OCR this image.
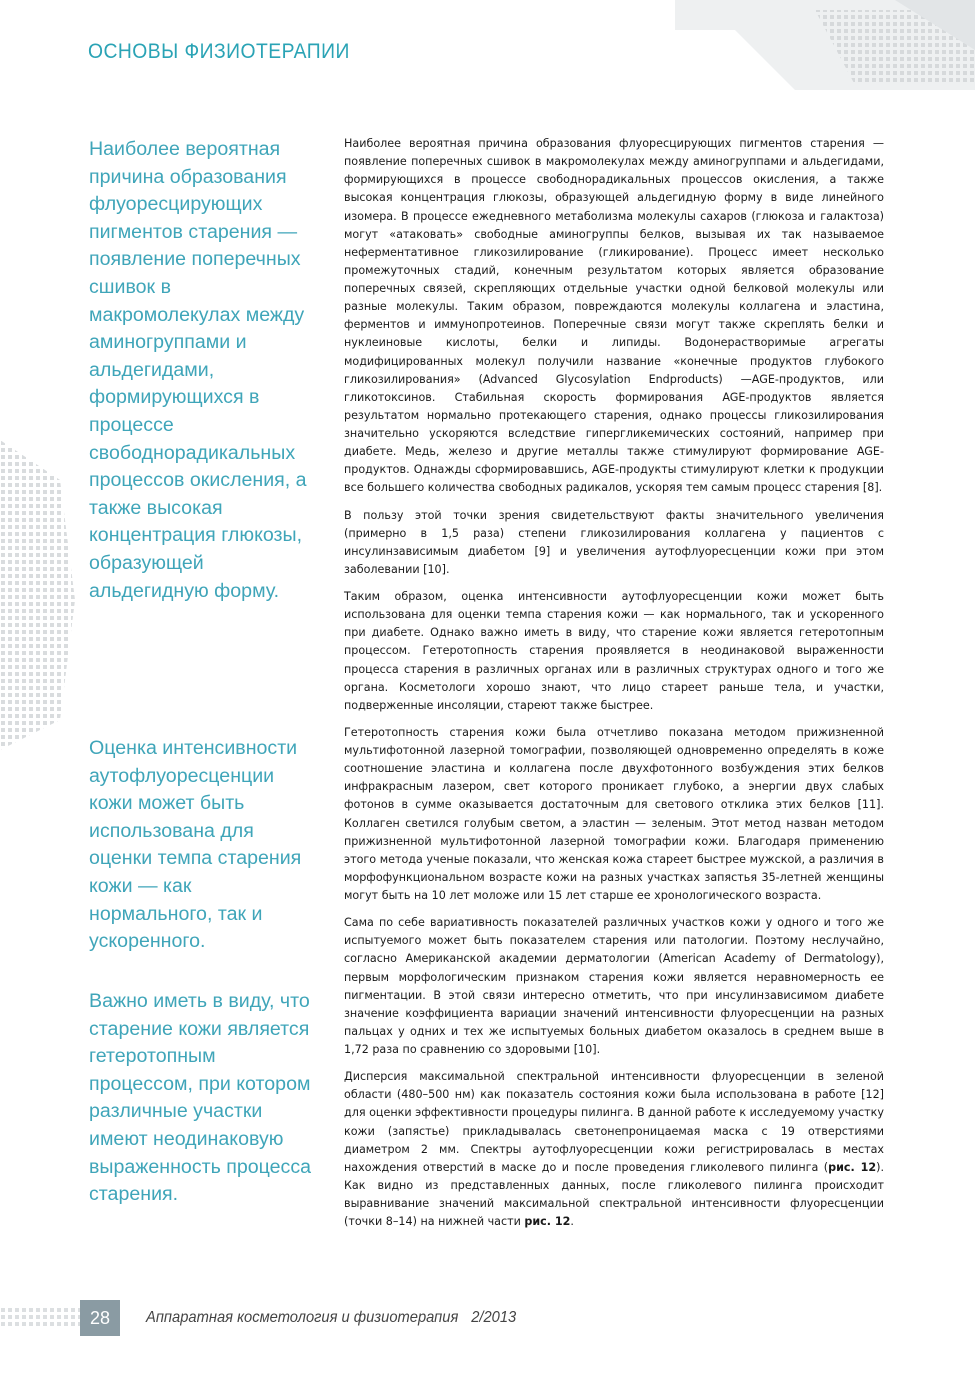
ОСНОВЫ ФИЗИОТЕРАПИИ

Наиболее вероятная причина образования флуоресцирующих пигментов старения — появление поперечных сшивок в макромолекулах между аминогруппами и альдегидами, формирующихся в процессе свободнорадикальных процессов окисления, а также высокая концентрация глюкозы, образующей альдегидную форму.

Оценка интенсивности аутофлуоресценции кожи может быть использована для оценки темпа старения кожи — как нормального, так и ускоренного.

Важно иметь в виду, что старение кожи является гетеротопным процессом, при котором различные участки имеют неодинаковую выраженность процесса старения.

Наиболее вероятная причина образования флуоресцирующих пигментов старения — появление поперечных сшивок в макромолекулах между аминогруппами и альдегидами, формирующихся в процессе свободнорадикальных процессов окисления, а также высокая концентрация глюкозы, образующей альдегидную форму в виде линейного изомера. В процессе ежедневного метаболизма молекулы сахаров (глюкоза и галактоза) могут «атаковать» свободные аминогруппы белков, вызывая их так называемое неферментативное гликозилирование (гликирование). Процесс имеет несколько промежуточных стадий, конечным результатом которых является образование поперечных связей, скрепляющих отдельные участки одной белковой молекулы или разные молекулы. Таким образом, повреждаются молекулы коллагена и эластина, ферментов и иммунопротеинов. Поперечные связи могут также скреплять белки и нуклеиновые кислоты, белки и липиды. Водонерастворимые агрегаты модифицированных молекул получили название «конечные продуктов глубокого гликозилирования» (Advanced Glycosylation Endproducts) —AGE-продуктов, или гликотоксинов. Стабильная скорость формирования AGE-продуктов является результатом нормально протекающего старения, однако процессы гликозилирования значительно ускоряются вследствие гипергликемических состояний, например при диабете. Медь, железо и другие металлы также стимулируют формирование AGE-продуктов. Однажды сформировавшись, AGE-продукты стимулируют клетки к продукции все большего количества свободных радикалов, ускоряя тем самым процесс старения [8].

В пользу этой точки зрения свидетельствуют факты значительного увеличения (примерно в 1,5 раза) степени гликозилирования коллагена у пациентов с инсулинзависимым диабетом [9] и увеличения аутофлуоресценции кожи при этом заболевании [10].

Таким образом, оценка интенсивности аутофлуоресценции кожи может быть использована для оценки темпа старения кожи — как нормального, так и ускоренного при диабете. Однако важно иметь в виду, что старение кожи является гетеротопным процессом. Гетеротопность старения проявляется в неодинаковой выраженности процесса старения в различных органах или в различных структурах одного и того же органа. Косметологи хорошо знают, что лицо стареет раньше тела, и участки, подверженные инсоляции, стареют также быстрее.

Гетеротопность старения кожи была отчетливо показана методом прижизненной мультифотонной лазерной томографии, позволяющей одновременно определять в коже соотношение эластина и коллагена после двухфотонного возбуждения этих белков инфракрасным лазером, свет которого проникает глубоко, а энергии двух слабых фотонов в сумме оказывается достаточным для светового отклика этих белков [11]. Коллаген светился голубым светом, а эластин — зеленым. Этот метод назван методом прижизненной мультифотонной лазерной томографии кожи. Благодаря применению этого метода ученые показали, что женская кожа стареет быстрее мужской, а различия в морфофункциональном возрасте кожи на разных участках запястья 35-летней женщины могут быть на 10 лет моложе или 15 лет старше ее хронологического возраста.

Сама по себе вариативность показателей различных участков кожи у одного и того же испытуемого может быть показателем старения или патологии. Поэтому неслучайно, согласно Американской академии дерматологии (American Academy of Dermatology), первым морфологическим признаком старения кожи является неравномерность ее пигментации. В этой связи интересно отметить, что при инсулинзависимом диабете значение коэффициента вариации значений интенсивности флуоресценции на разных пальцах у одних и тех же испытуемых больных диабетом оказалось в среднем выше в 1,72 раза по сравнению со здоровыми [10].

Дисперсия максимальной спектральной интенсивности флуоресценции в зеленой области (480–500 нм) как показатель состояния кожи была использована в работе [12] для оценки эффективности процедуры пилинга. В данной работе к исследуемому участку кожи (запястье) прикладывалась светонепроницаемая маска с 19 отверстиями диаметром 2 мм. Спектры аутофлуоресценции кожи регистрировалась в местах нахождения отверстий в маске до и после проведения гликолевого пилинга (рис. 12). Как видно из представленных данных, после гликолевого пилинга происходит выравнивание значений максимальной спектральной интенсивности флуоресценции (точки 8–14) на нижней части рис. 12.

28 Аппаратная косметология и физиотерапия 2/2013
